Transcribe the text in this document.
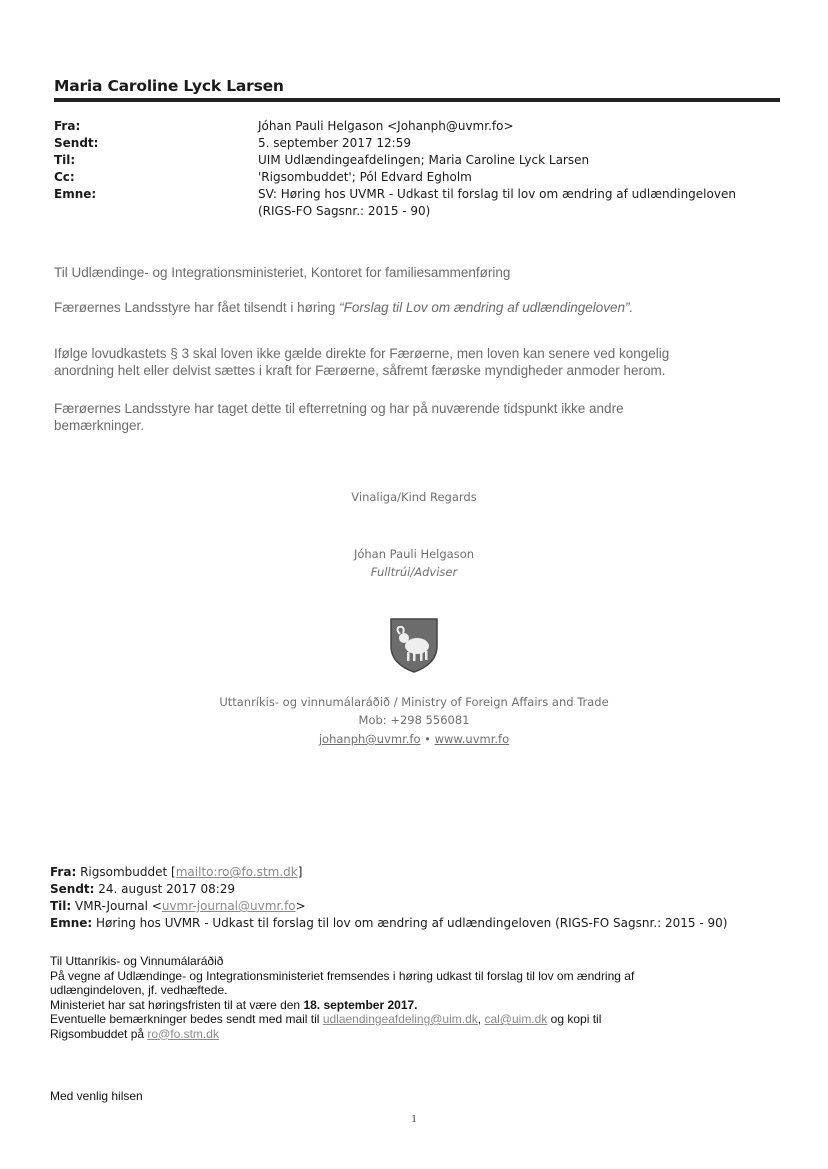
Maria Caroline Lyck Larsen
Fra:	Jóhan Pauli Helgason <Johanph@uvmr.fo>
Sendt:	5. september 2017 12:59
Til:	UIM Udlændingeafdelingen; Maria Caroline Lyck Larsen
Cc:	'Rigsombuddet'; Pól Edvard Egholm
Emne:	SV: Høring hos UVMR - Udkast til forslag til lov om ændring af udlændingeloven
(RIGS-FO Sagsnr.: 2015 - 90)

Til Udlændinge- og Integrationsministeriet, Kontoret for familiesammenføring

Færøernes Landsstyre har fået tilsendt i høring “Forslag til Lov om ændring af udlændingeloven”.

Ifølge lovudkastets § 3 skal loven ikke gælde direkte for Færøerne, men loven kan senere ved kongelig
anordning helt eller delvist sættes i kraft for Færøerne, såfremt færøske myndigheder anmoder herom.

Færøernes Landsstyre har taget dette til efterretning og har på nuværende tidspunkt ikke andre
bemærkninger.

Vinaliga/Kind Regards
Jóhan Pauli Helgason
Fulltrúi/Adviser
Uttanríkis- og vinnumálaráðið / Ministry of Foreign Affairs and Trade
Mob: +298 556081
johanph@uvmr.fo • www.uvmr.fo
Fra: Rigsombuddet [mailto:ro@fo.stm.dk]
Sendt: 24. august 2017 08:29
Til: VMR-Journal <uvmr-journal@uvmr.fo>
Emne: Høring hos UVMR - Udkast til forslag til lov om ændring af udlændingeloven (RIGS-FO Sagsnr.: 2015 - 90)
Til Uttanríkis- og Vinnumálaráðið
På vegne af Udlændinge- og Integrationsministeriet fremsendes i høring udkast til forslag til lov om ændring af
udlængindeloven, jf. vedhæftede.
Ministeriet har sat høringsfristen til at være den 18. september 2017.
Eventuelle bemærkninger bedes sendt med mail til udlaendingeafdeling@uim.dk, cal@uim.dk og kopi til
Rigsombuddet på ro@fo.stm.dk
Med venlig hilsen
1
